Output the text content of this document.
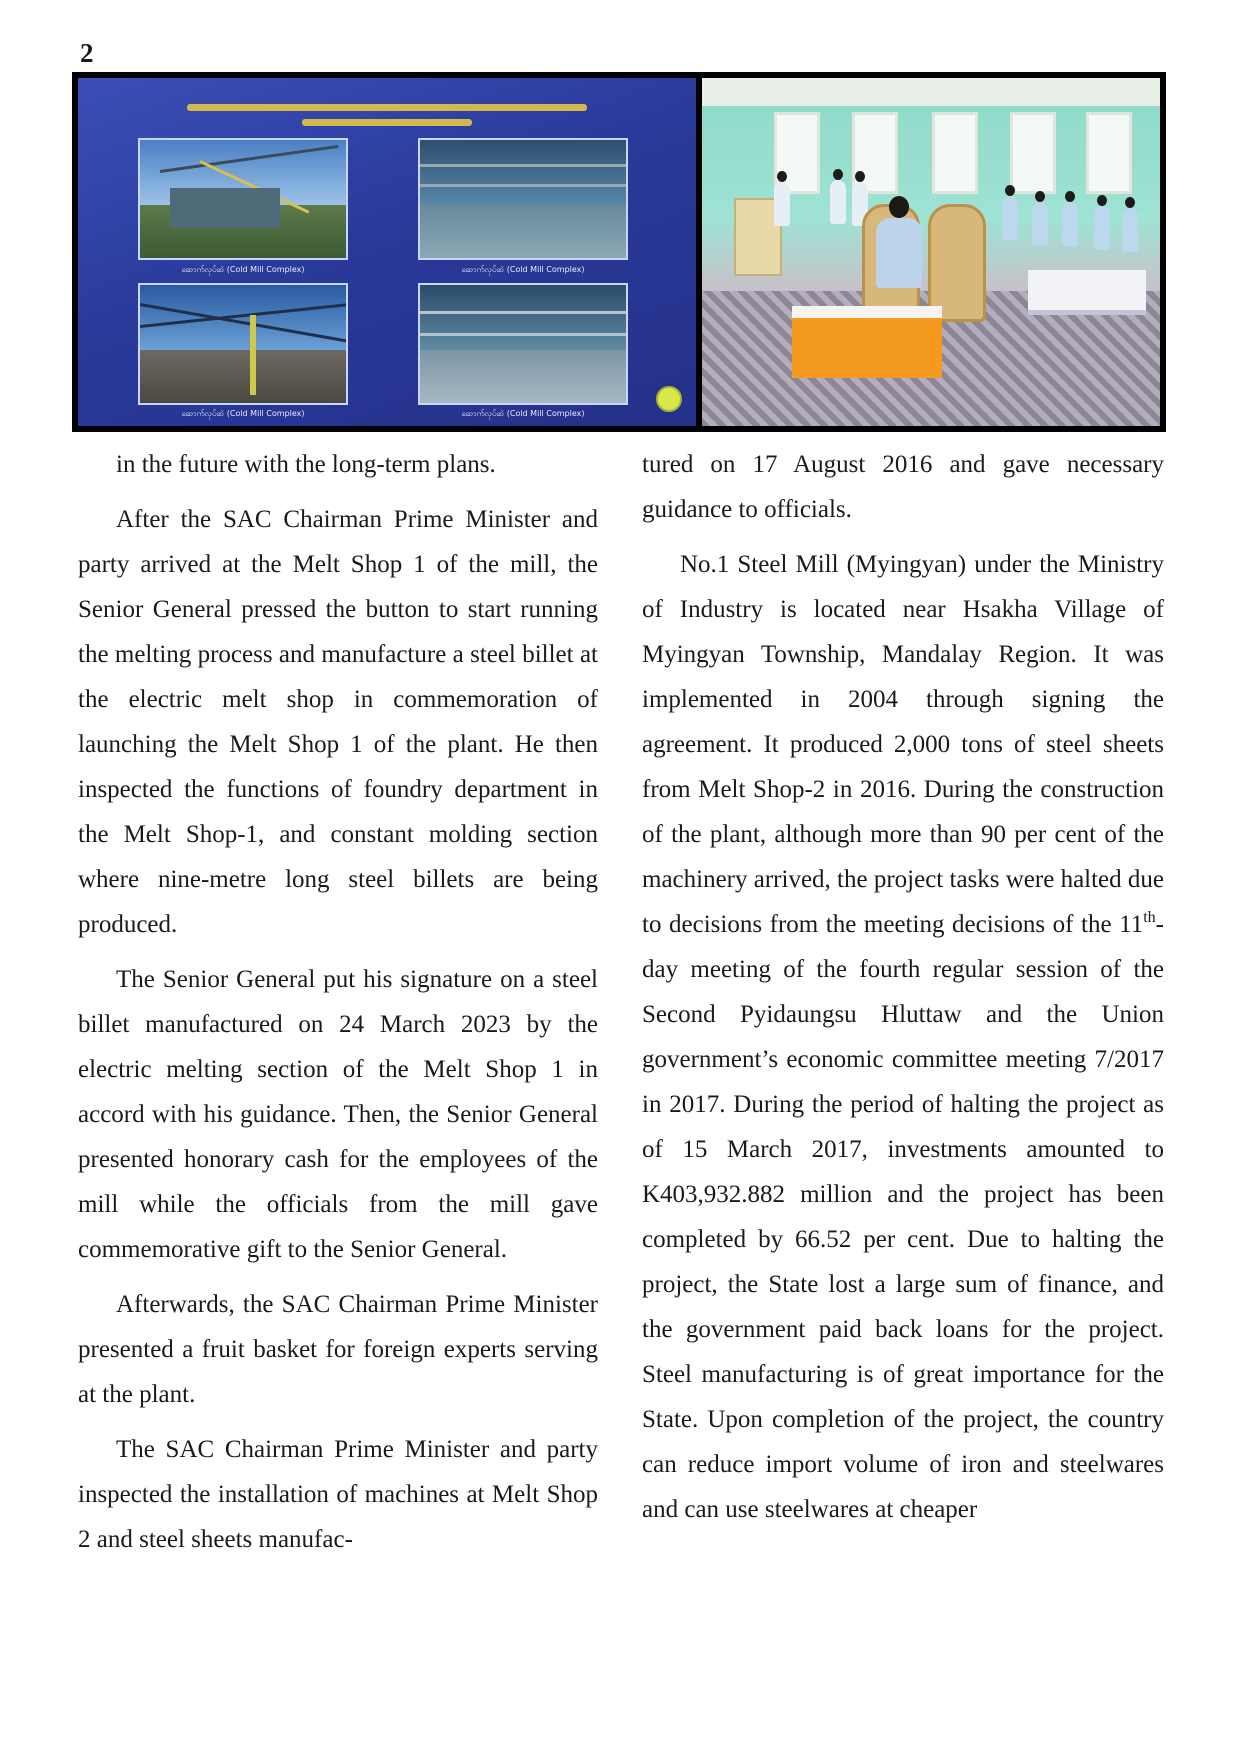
2
ဆောက်လုပ်ဆဲ (Cold Mill Complex)	ဆောက်လုပ်ဆဲ (Cold Mill Complex)
ဆောက်လုပ်ဆဲ (Cold Mill Complex)	ဆောက်လုပ်ဆဲ (Cold Mill Complex)

in the future with the long-term plans.

After the SAC Chairman Prime Minister and party arrived at the Melt Shop 1 of the mill, the Senior General pressed the button to start running the melting process and manufacture a steel billet at the electric melt shop in commemoration of launching the Melt Shop 1 of the plant. He then inspected the functions of foundry department in the Melt Shop-1, and constant molding section where nine-metre long steel billets are being produced.

The Senior General put his signature on a steel billet manufactured on 24 March 2023 by the electric melting section of the Melt Shop 1 in accord with his guidance. Then, the Senior General presented honorary cash for the employees of the mill while the officials from the mill gave commemorative gift to the Senior General.

Afterwards, the SAC Chairman Prime Minister presented a fruit basket for foreign experts serving at the plant.

The SAC Chairman Prime Minister and party inspected the installation of machines at Melt Shop 2 and steel sheets manufac-

tured on 17 August 2016 and gave necessary guidance to officials.

No.1 Steel Mill (Myingyan) under the Ministry of Industry is located near Hsakha Village of Myingyan Township, Mandalay Region. It was implemented in 2004 through signing the agreement. It produced 2,000 tons of steel sheets from Melt Shop-2 in 2016. During the construction of the plant, although more than 90 per cent of the machinery arrived, the project tasks were halted due to decisions from the meeting decisions of the 11th-day meeting of the fourth regular session of the Second Pyidaungsu Hluttaw and the Union government’s economic committee meeting 7/2017 in 2017. During the period of halting the project as of 15 March 2017, investments amounted to K403,932.882 million and the project has been completed by 66.52 per cent. Due to halting the project, the State lost a large sum of finance, and the government paid back loans for the project. Steel manufacturing is of great importance for the State. Upon completion of the project, the country can reduce import volume of iron and steelwares and can use steelwares at cheaper
